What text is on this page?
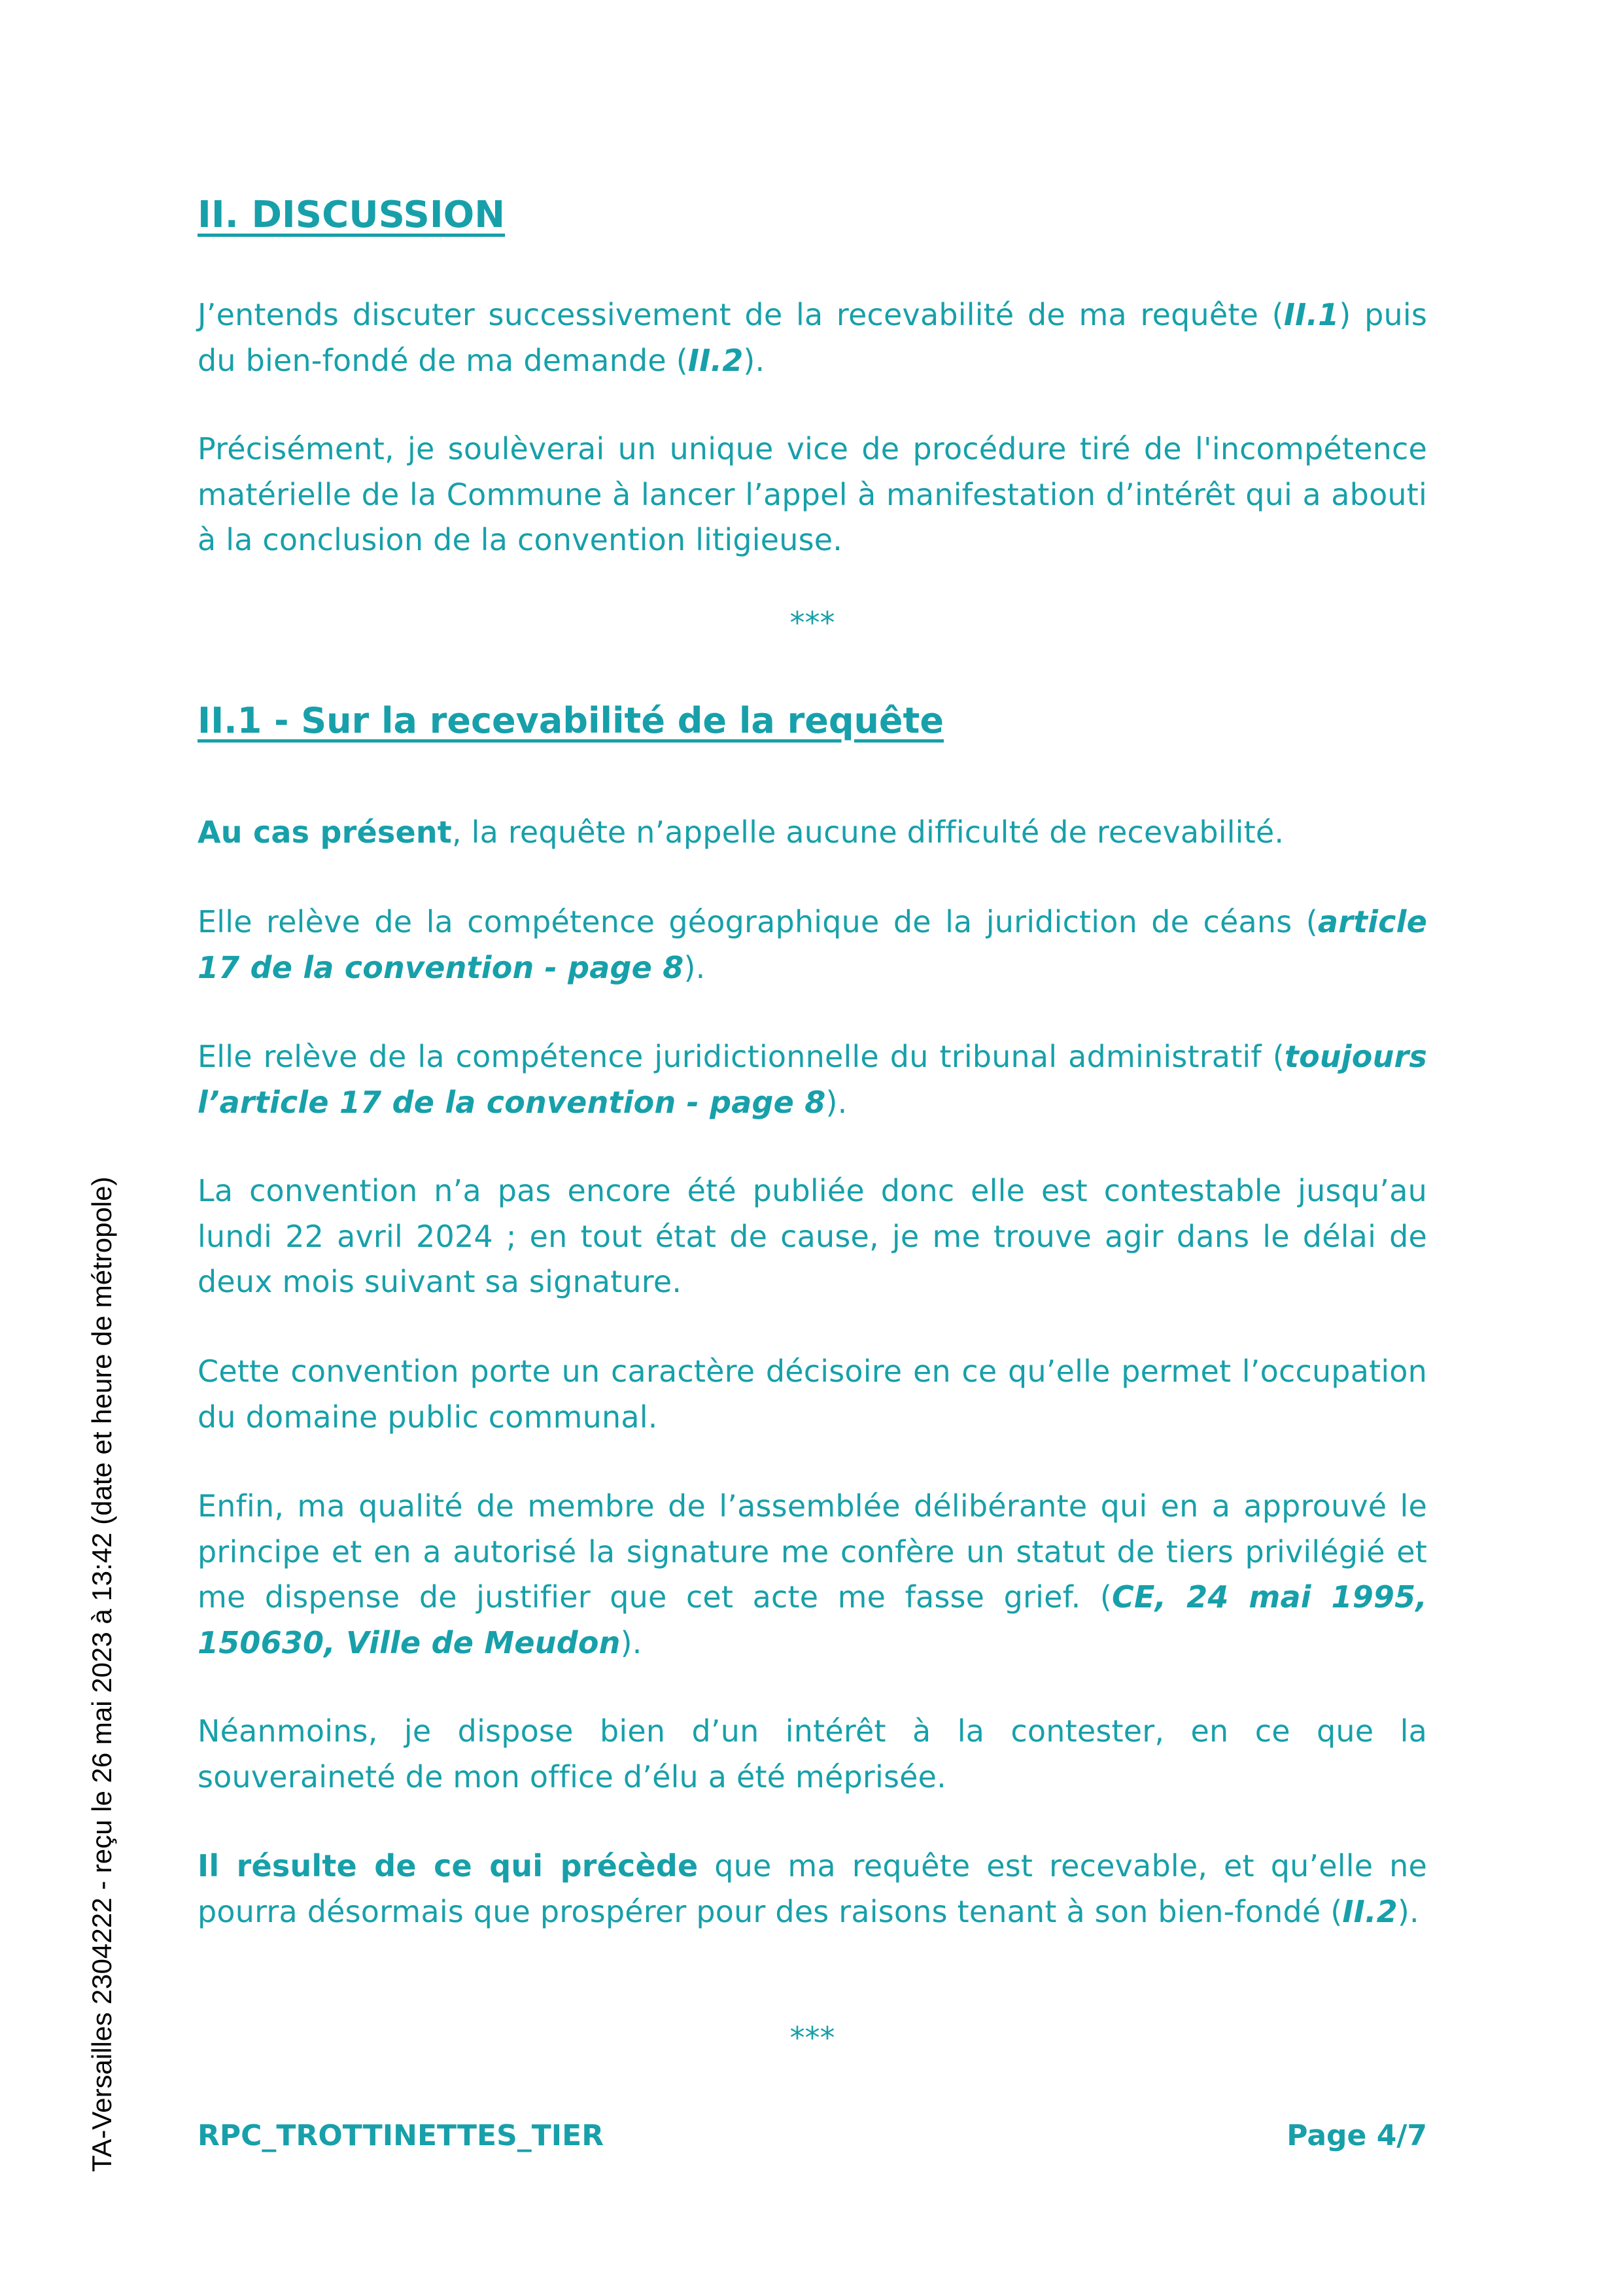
II. DISCUSSION
J’entends discuter successivement de la recevabilité de ma requête (II.1) puis du bien-fondé de ma demande (II.2).
Précisément, je soulèverai un unique vice de procédure tiré de l'incompétence matérielle de la Commune à lancer l’appel à manifestation d’intérêt qui a abouti à la conclusion de la convention litigieuse.
***
II.1 - Sur la recevabilité de la requête
Au cas présent, la requête n’appelle aucune difficulté de recevabilité.
Elle relève de la compétence géographique de la juridiction de céans (article 17 de la convention - page 8).
Elle relève de la compétence juridictionnelle du tribunal administratif (toujours l’article 17 de la convention - page 8).
La convention n’a pas encore été publiée donc elle est contestable jusqu’au lundi 22 avril 2024 ; en tout état de cause, je me trouve agir dans le délai de deux mois suivant sa signature.
Cette convention porte un caractère décisoire en ce qu’elle permet l’occupation du domaine public communal.
Enfin, ma qualité de membre de l’assemblée délibérante qui en a approuvé le principe et en a autorisé la signature me confère un statut de tiers privilégié et me dispense de justifier que cet acte me fasse grief. (CE, 24 mai 1995, 150630, Ville de Meudon).
Néanmoins, je dispose bien d’un intérêt à la contester, en ce que la souveraineté de mon office d’élu a été méprisée.
Il résulte de ce qui précède que ma requête est recevable, et qu’elle ne pourra désormais que prospérer pour des raisons tenant à son bien-fondé (II.2).
***
RPC_TROTTINETTES_TIER	Page 4/7
TA-Versailles 2304222 - reçu le 26 mai 2023 à 13:42 (date et heure de métropole)
